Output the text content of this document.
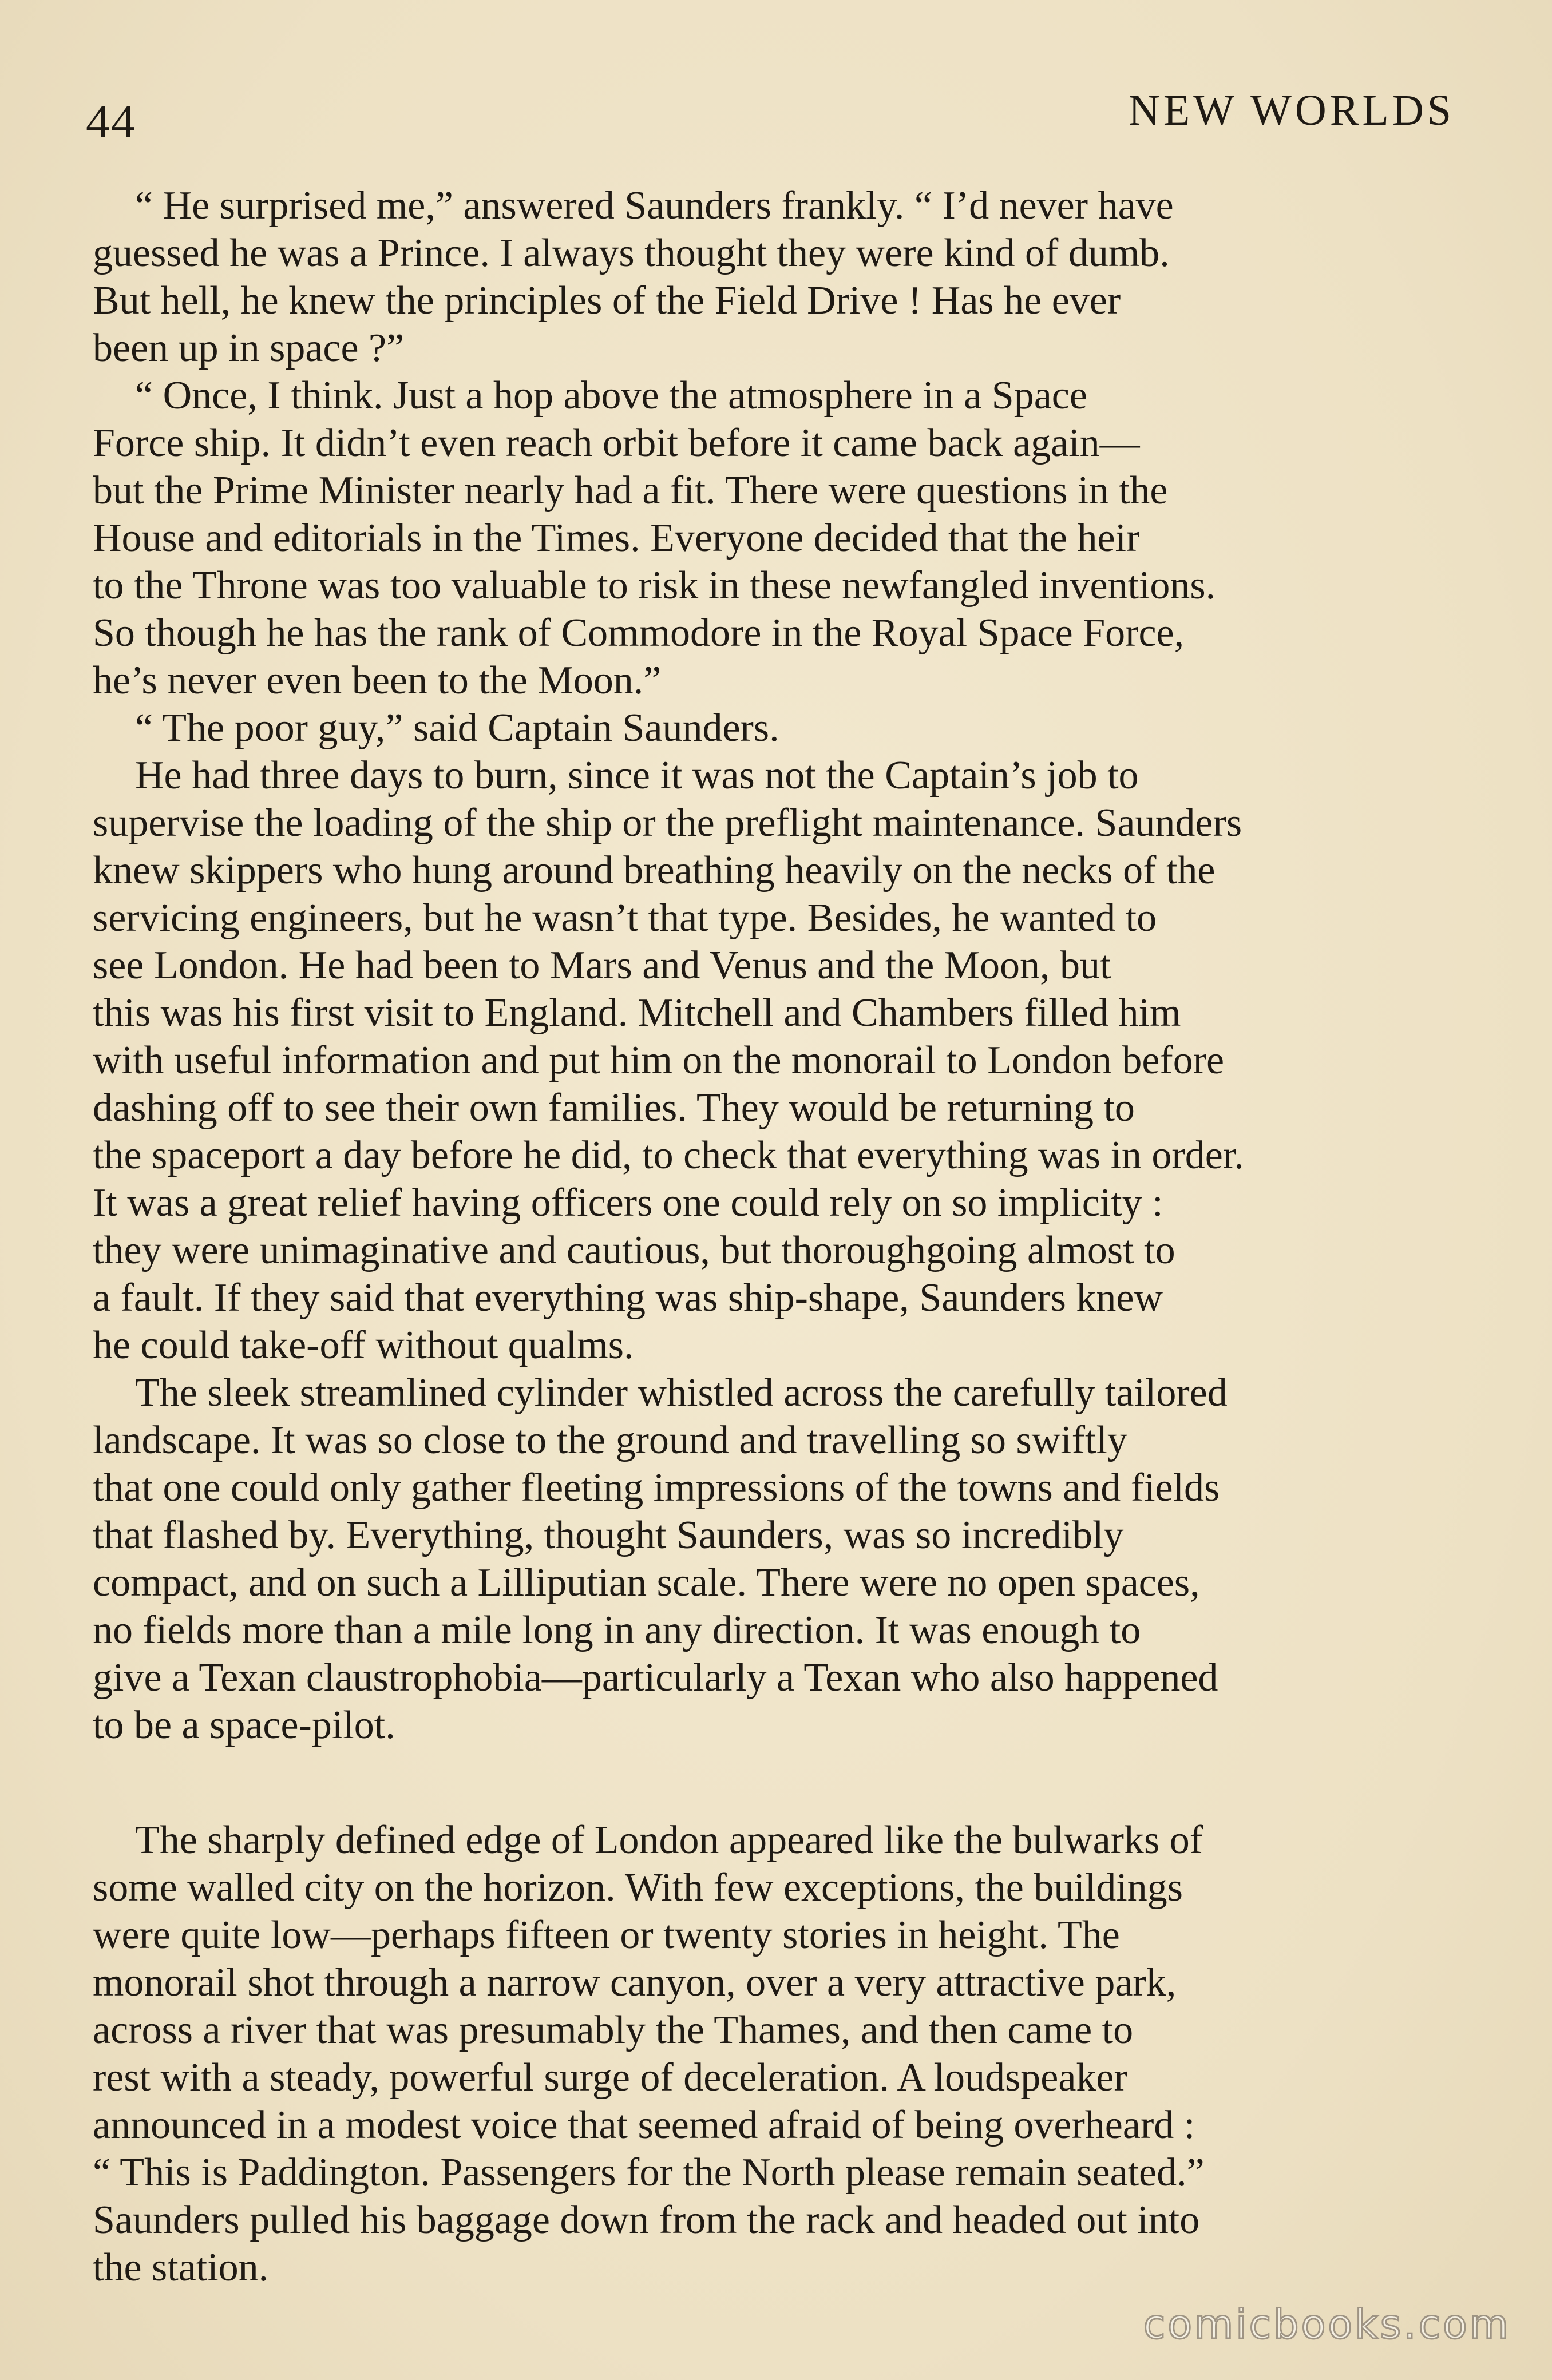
44	NEW WORLDS

“ He surprised me,” answered Saunders frankly. “ I’d never have
guessed he was a Prince. I always thought they were kind of dumb.
But hell, he knew the principles of the Field Drive ! Has he ever
been up in space ?”

“ Once, I think. Just a hop above the atmosphere in a Space
Force ship. It didn’t even reach orbit before it came back again—
but the Prime Minister nearly had a fit. There were questions in the
House and editorials in the Times. Everyone decided that the heir
to the Throne was too valuable to risk in these newfangled inventions.
So though he has the rank of Commodore in the Royal Space Force,
he’s never even been to the Moon.”

“ The poor guy,” said Captain Saunders.

He had three days to burn, since it was not the Captain’s job to
supervise the loading of the ship or the preflight maintenance. Saunders
knew skippers who hung around breathing heavily on the necks of the
servicing engineers, but he wasn’t that type. Besides, he wanted to
see London. He had been to Mars and Venus and the Moon, but
this was his first visit to England. Mitchell and Chambers filled him
with useful information and put him on the monorail to London before
dashing off to see their own families. They would be returning to
the spaceport a day before he did, to check that everything was in order.
It was a great relief having officers one could rely on so implicity :
they were unimaginative and cautious, but thoroughgoing almost to
a fault. If they said that everything was ship-shape, Saunders knew
he could take-off without qualms.

The sleek streamlined cylinder whistled across the carefully tailored
landscape. It was so close to the ground and travelling so swiftly
that one could only gather fleeting impressions of the towns and fields
that flashed by. Everything, thought Saunders, was so incredibly
compact, and on such a Lilliputian scale. There were no open spaces,
no fields more than a mile long in any direction. It was enough to
give a Texan claustrophobia—particularly a Texan who also happened
to be a space-pilot.

The sharply defined edge of London appeared like the bulwarks of
some walled city on the horizon. With few exceptions, the buildings
were quite low—perhaps fifteen or twenty stories in height. The
monorail shot through a narrow canyon, over a very attractive park,
across a river that was presumably the Thames, and then came to
rest with a steady, powerful surge of deceleration. A loudspeaker
announced in a modest voice that seemed afraid of being overheard :
“ This is Paddington. Passengers for the North please remain seated.”
Saunders pulled his baggage down from the rack and headed out into
the station.

comicbooks.com
